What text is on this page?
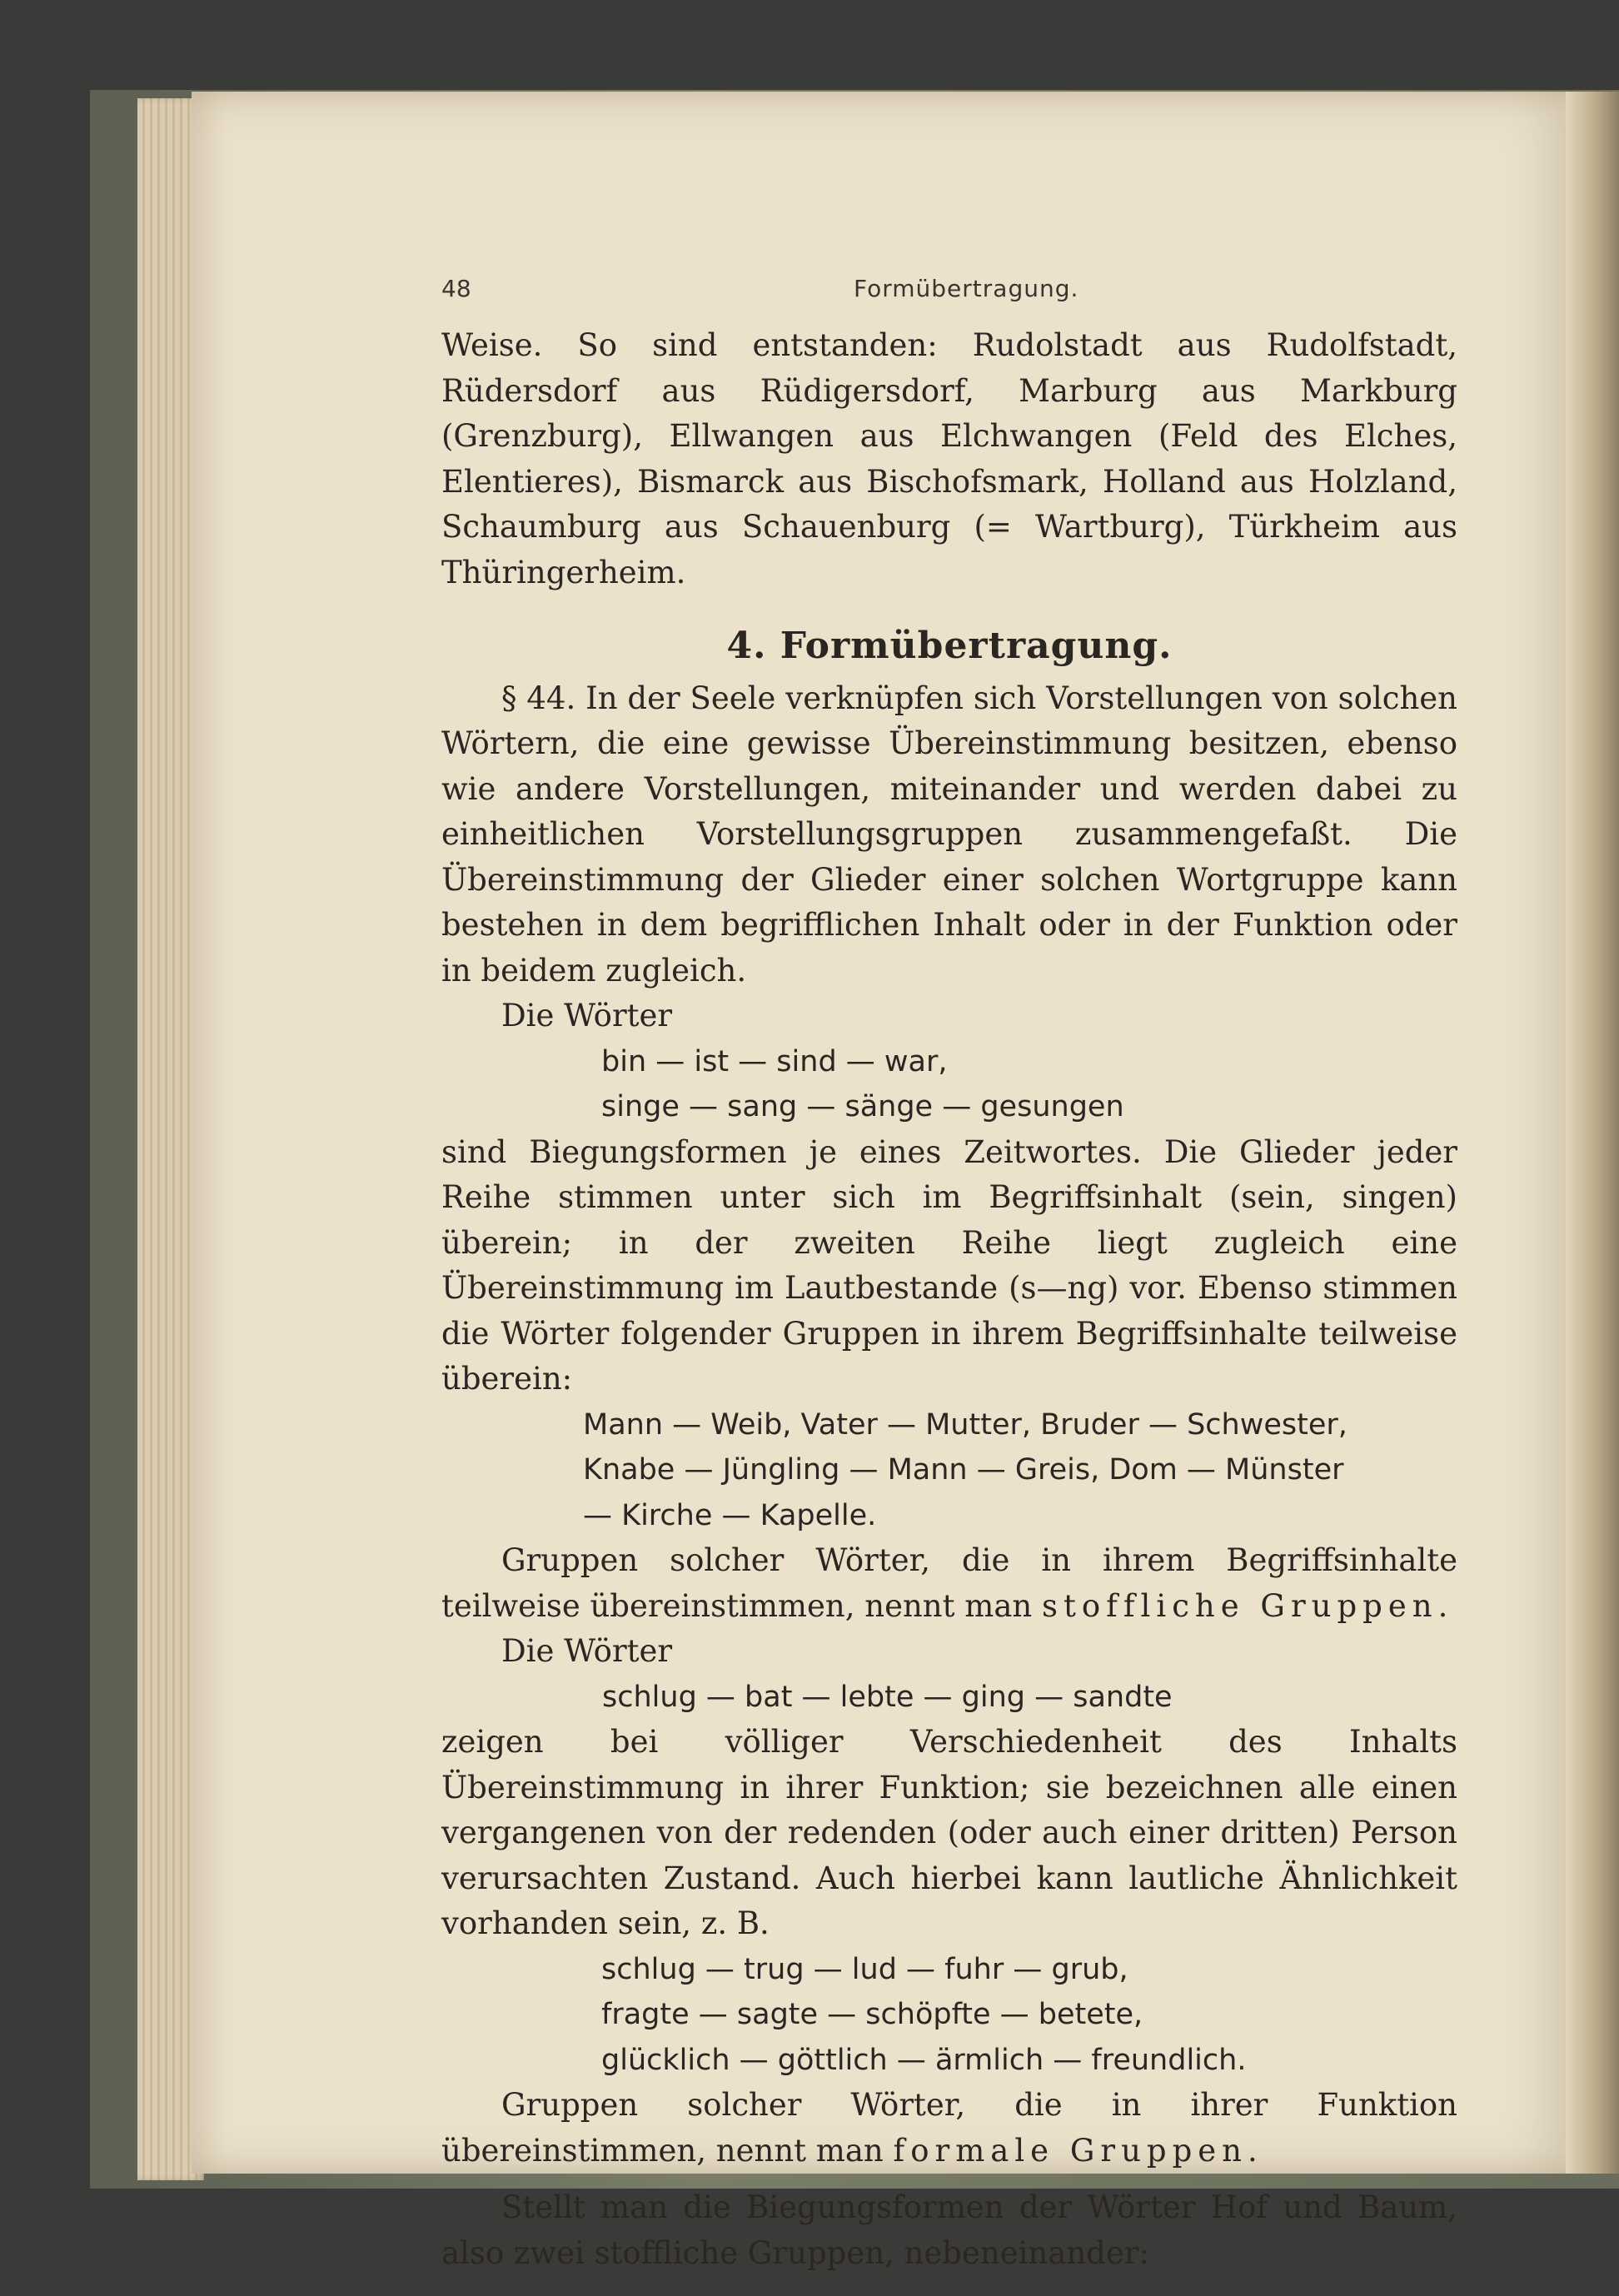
48	Formübertragung.

Weise. So sind entstanden: Rudolstadt aus Rudolfstadt, Rüdersdorf aus Rüdigersdorf, Marburg aus Markburg (Grenzburg), Ellwangen aus Elchwangen (Feld des Elches, Elentieres), Bismarck aus Bischofsmark, Holland aus Holzland, Schaumburg aus Schauenburg (= Wartburg), Türkheim aus Thüringerheim.

4. Formübertragung.

§ 44. In der Seele verknüpfen sich Vorstellungen von solchen Wörtern, die eine gewisse Übereinstimmung besitzen, ebenso wie andere Vorstellungen, miteinander und werden dabei zu einheitlichen Vorstellungsgruppen zusammengefaßt. Die Übereinstimmung der Glieder einer solchen Wortgruppe kann bestehen in dem begrifflichen Inhalt oder in der Funktion oder in beidem zugleich.

Die Wörter

bin — ist — sind — war,

singe — sang — sänge — gesungen

sind Biegungsformen je eines Zeitwortes. Die Glieder jeder Reihe stimmen unter sich im Begriffsinhalt (sein, singen) überein; in der zweiten Reihe liegt zugleich eine Übereinstimmung im Lautbestande (s—ng) vor. Ebenso stimmen die Wörter folgender Gruppen in ihrem Begriffsinhalte teilweise überein:

Mann — Weib, Vater — Mutter, Bruder — Schwester,

Knabe — Jüngling — Mann — Greis, Dom — Münster

— Kirche — Kapelle.

Gruppen solcher Wörter, die in ihrem Begriffsinhalte teilweise übereinstimmen, nennt man stoffliche Gruppen.

Die Wörter

schlug — bat — lebte — ging — sandte

zeigen bei völliger Verschiedenheit des Inhalts Übereinstimmung in ihrer Funktion; sie bezeichnen alle einen vergangenen von der redenden (oder auch einer dritten) Person verursachten Zustand. Auch hierbei kann lautliche Ähnlichkeit vorhanden sein, z. B.

schlug — trug — lud — fuhr — grub,

fragte — sagte — schöpfte — betete,

glücklich — göttlich — ärmlich — freundlich.

Gruppen solcher Wörter, die in ihrer Funktion übereinstimmen, nennt man formale Gruppen.

Stellt man die Biegungsformen der Wörter Hof und Baum, also zwei stoffliche Gruppen, nebeneinander:
